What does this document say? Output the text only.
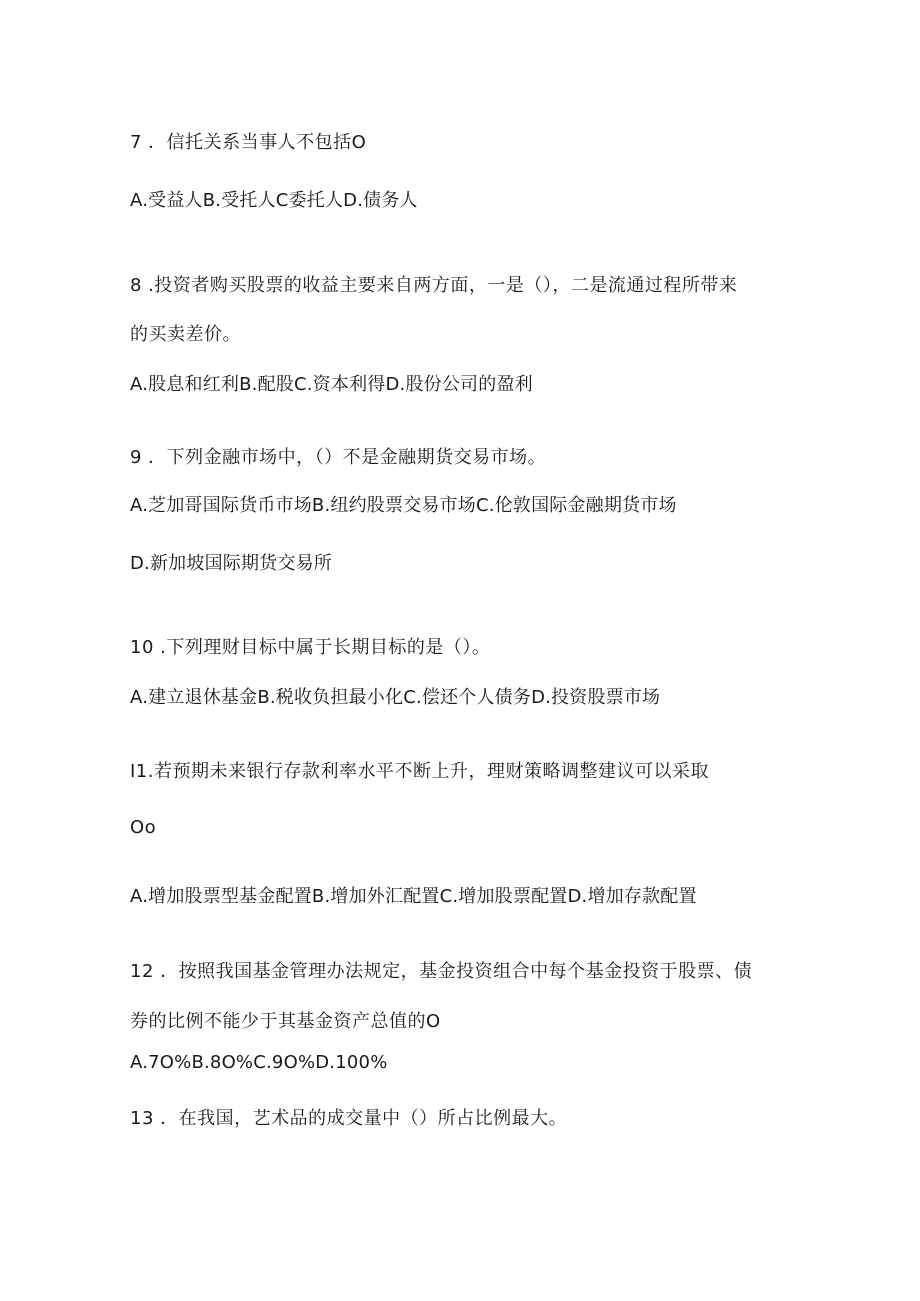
7 ．信托关系当事人不包括O
A.受益人B.受托人C委托人D.债务人
8 .投资者购买股票的收益主要来自两方面，一是（），二是流通过程所带来
的买卖差价。
A.股息和红利B.配股C.资本利得D.股份公司的盈利
9 ．下列金融市场中，（）不是金融期货交易市场。
A.芝加哥国际货币市场B.纽约股票交易市场C.伦敦国际金融期货市场
D.新加坡国际期货交易所
10 .下列理财目标中属于长期目标的是（）。
A.建立退休基金B.税收负担最小化C.偿还个人债务D.投资股票市场
I1.若预期未来银行存款利率水平不断上升，理财策略调整建议可以采取
Oo
A.增加股票型基金配置B.增加外汇配置C.增加股票配置D.增加存款配置
12 ．按照我国基金管理办法规定，基金投资组合中每个基金投资于股票、债
券的比例不能少于其基金资产总值的O
A.7O%B.8O%C.9O%D.100%
13 ．在我国，艺术品的成交量中（）所占比例最大。
